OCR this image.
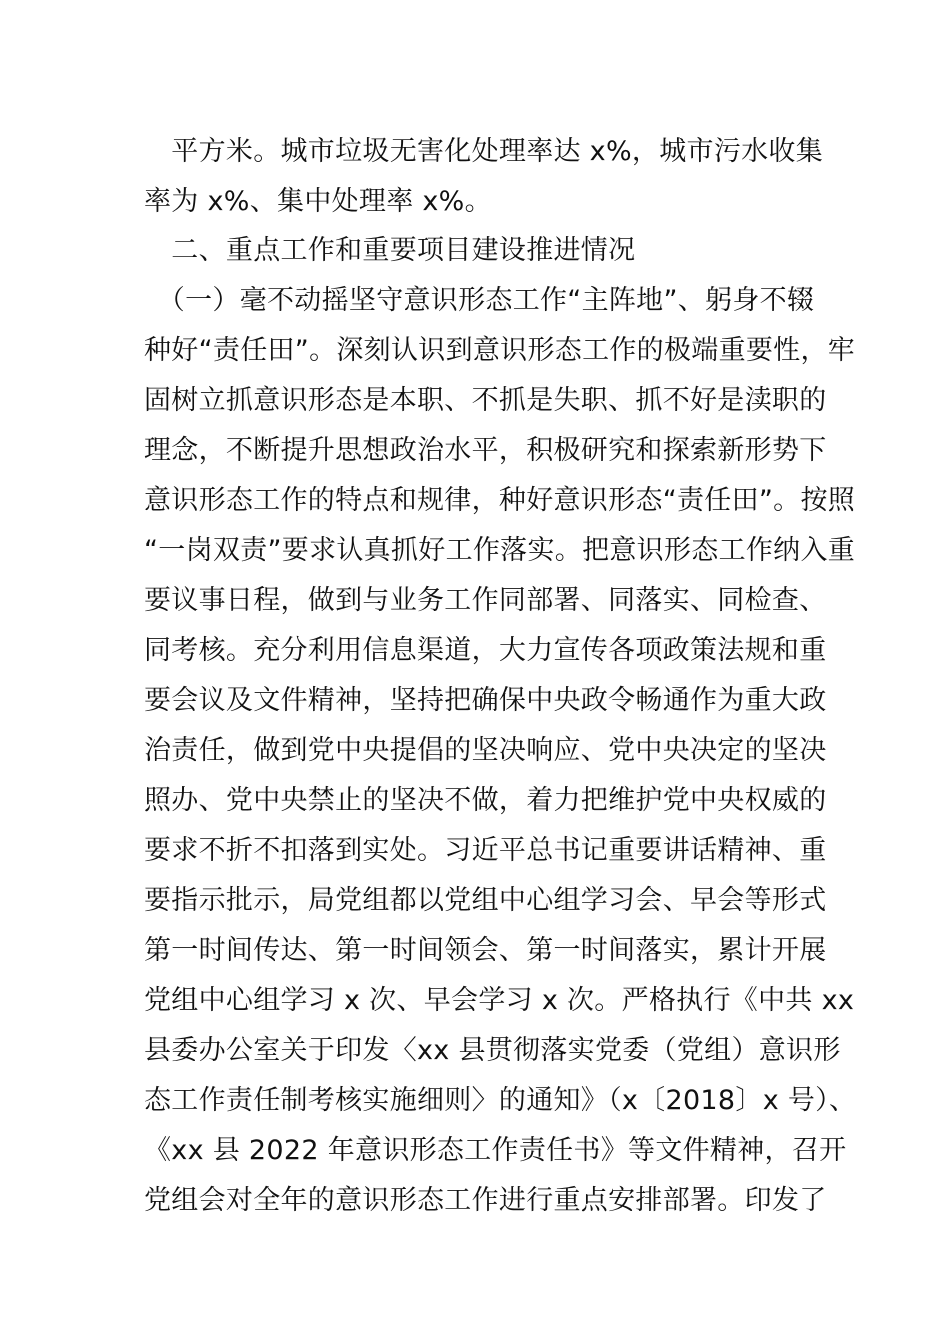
　平方米。城市垃圾无害化处理率达 x%，城市污水收集
率为 x%、集中处理率 x%。
　二、重点工作和重要项目建设推进情况
　（一）毫不动摇坚守意识形态工作“主阵地”、躬身不辍
种好“责任田”。深刻认识到意识形态工作的极端重要性，牢
固树立抓意识形态是本职、不抓是失职、抓不好是渎职的
理念，不断提升思想政治水平，积极研究和探索新形势下
意识形态工作的特点和规律，种好意识形态“责任田”。按照
“一岗双责”要求认真抓好工作落实。把意识形态工作纳入重
要议事日程，做到与业务工作同部署、同落实、同检查、
同考核。充分利用信息渠道，大力宣传各项政策法规和重
要会议及文件精神，坚持把确保中央政令畅通作为重大政
治责任，做到党中央提倡的坚决响应、党中央决定的坚决
照办、党中央禁止的坚决不做，着力把维护党中央权威的
要求不折不扣落到实处。习近平总书记重要讲话精神、重
要指示批示，局党组都以党组中心组学习会、早会等形式
第一时间传达、第一时间领会、第一时间落实，累计开展
党组中心组学习 x 次、早会学习 x 次。严格执行《中共 xx
县委办公室关于印发〈xx 县贯彻落实党委（党组）意识形
态工作责任制考核实施细则〉的通知》（x〔2018〕x 号）、
《xx 县 2022 年意识形态工作责任书》等文件精神，召开
党组会对全年的意识形态工作进行重点安排部署。印发了
